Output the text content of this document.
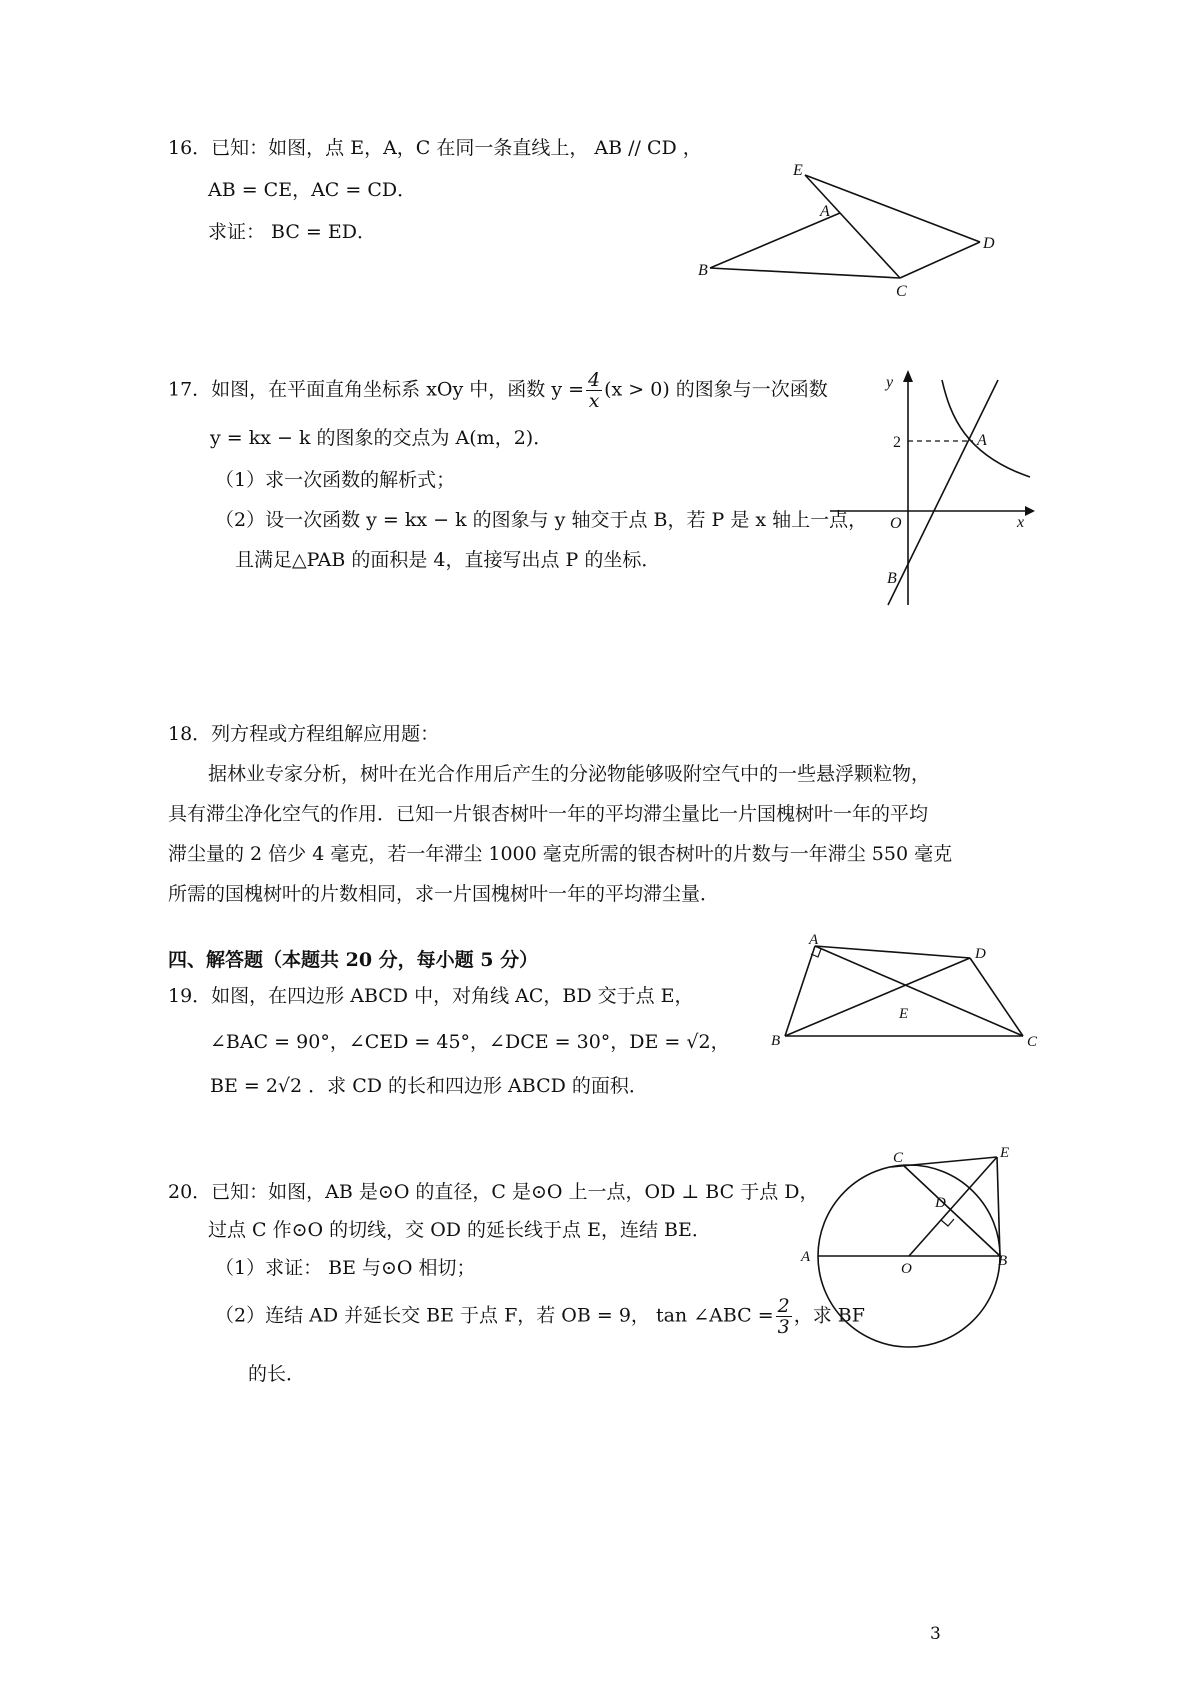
16．已知：如图，点 E，A，C 在同一条直线上， AB // CD ，
AB = CE，AC = CD．
求证： BC = ED．
E
A
B
C
D
17．如图，在平面直角坐标系 xOy 中，函数 $y = \frac{4}{x} (x > 0)$ 的图象与一次函数
y = kx − k 的图象的交点为 A(m，2)．
（1）求一次函数的解析式；
（2）设一次函数 y = kx − k 的图象与 y 轴交于点 B，若 P 是 x 轴上一点，
且满足△PAB 的面积是 4，直接写出点 P 的坐标．
y
x
O
A
B
2
18．列方程或方程组解应用题：
据林业专家分析，树叶在光合作用后产生的分泌物能够吸附空气中的一些悬浮颗粒物，
具有滞尘净化空气的作用．已知一片银杏树叶一年的平均滞尘量比一片国槐树叶一年的平均
滞尘量的 2 倍少 4 毫克，若一年滞尘 1000 毫克所需的银杏树叶的片数与一年滞尘 550 毫克
所需的国槐树叶的片数相同，求一片国槐树叶一年的平均滞尘量．
四、解答题（本题共 20 分，每小题 5 分）
19．如图，在四边形 ABCD 中，对角线 AC，BD 交于点 E，
∠BAC = 90°，∠CED = 45°，∠DCE = 30°，DE = √2，
BE = 2√2 ．求 CD 的长和四边形 ABCD 的面积．
A
B	C
D
E
20．已知：如图，AB 是⊙O 的直径，C 是⊙O 上一点，OD ⊥ BC 于点 D，
过点 C 作⊙O 的切线，交 OD 的延长线于点 E，连结 BE．
（1）求证： BE 与⊙O 相切；
（2）连结 AD 并延长交 BE 于点 F，若 OB = 9， tan ∠ABC = $\frac{2}{3}$ ，求 BF
的长．
A	B
C
D
E
O
3
